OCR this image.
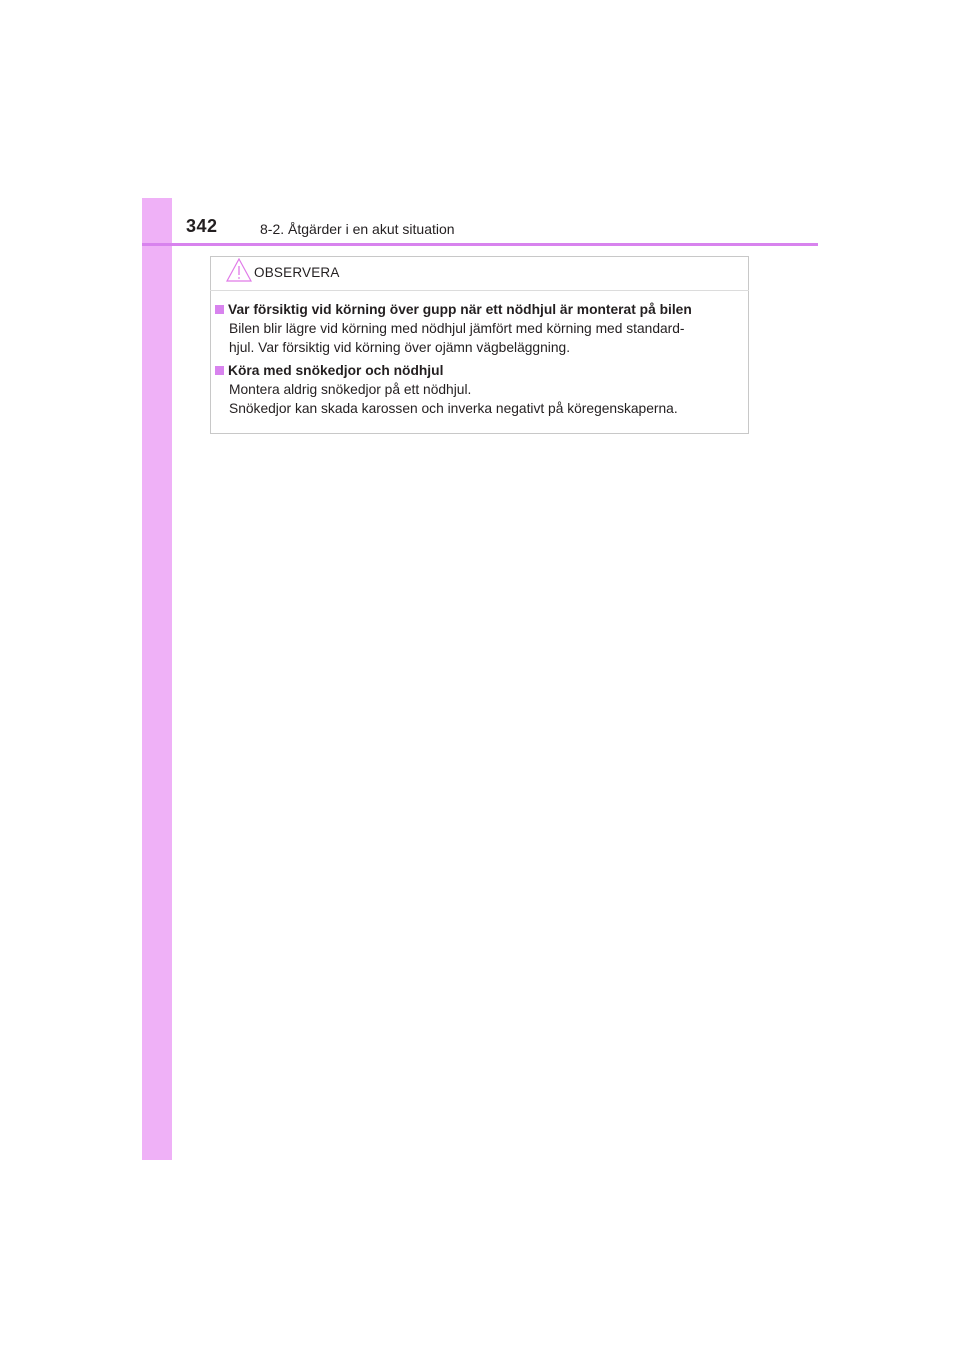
342	8-2. Åtgärder i en akut situation
OBSERVERA
Var försiktig vid körning över gupp när ett nödhjul är monterat på bilen

Bilen blir lägre vid körning med nödhjul jämfört med körning med standard-

hjul. Var försiktig vid körning över ojämn vägbeläggning.

Köra med snökedjor och nödhjul

Montera aldrig snökedjor på ett nödhjul.

Snökedjor kan skada karossen och inverka negativt på köregenskaperna.
